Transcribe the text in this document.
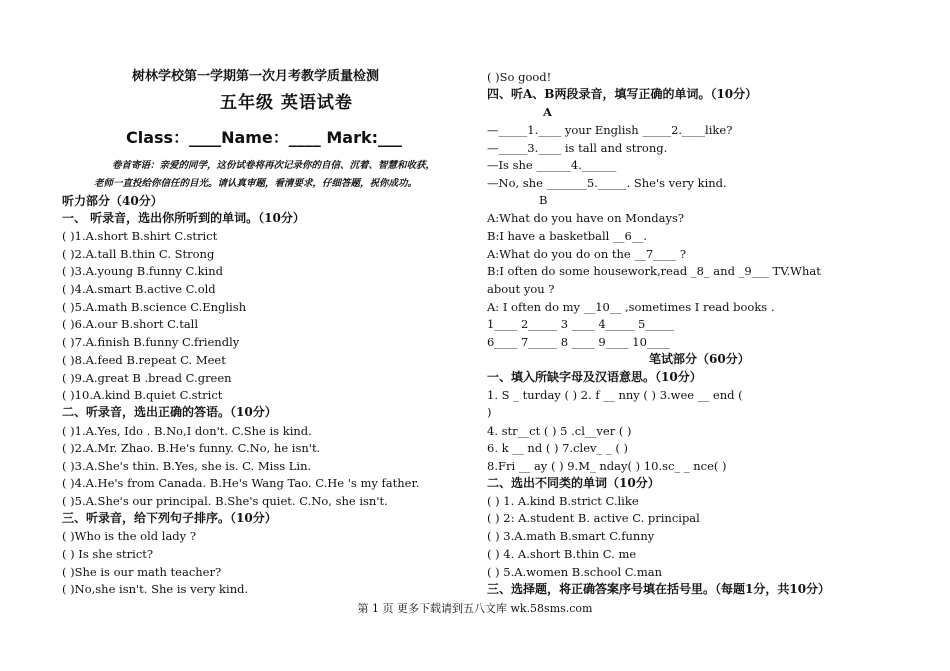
树林学校第一学期第一次月考教学质量检测
五年级 英语试卷
Class：____Name：____ Mark:___
卷首寄语：亲爱的同学，这份试卷将再次记录你的自信、沉着、智慧和收获，
老师一直投给你信任的目光。请认真审题，看清要求，仔细答题，祝你成功。
听力部分（40分）
一、 听录音，选出你所听到的单词。（10分）
( )1.A.short B.shirt C.strict
( )2.A.tall B.thin C. Strong
( )3.A.young B.funny C.kind
( )4.A.smart B.active C.old
( )5.A.math B.science C.English
( )6.A.our B.short C.tall
( )7.A.finish B.funny C.friendly
( )8.A.feed B.repeat C. Meet
( )9.A.great B .bread C.green
( )10.A.kind B.quiet C.strict
二、听录音，选出正确的答语。（10分）
( )1.A.Yes, Ido . B.No,I don't. C.She is kind.
( )2.A.Mr. Zhao. B.He's funny. C.No, he isn't.
( )3.A.She's thin. B.Yes, she is. C. Miss Lin.
( )4.A.He's from Canada. B.He's Wang Tao. C.He 's my father.
( )5.A.She's our principal. B.She's quiet. C.No, she isn't.
三、听录音，给下列句子排序。（10分）
( )Who is the old lady ?
( ) Is she strict?
( )She is our math teacher?
( )No,she isn't. She is very kind.
( )So good!
四、听A、B两段录音，填写正确的单词。（10分）
A
—_____1.____ your English _____2.____like?
—_____3.____ is tall and strong.
—Is she ______4.______
—No, she _______5._____. She's very kind.
B
A:What do you have on Mondays?
B:I have a basketball __6__.
A:What do you do on the __7____ ?
B:I often do some housework,read _8_ and _9___ TV.What
about you ?
A: I often do my __10__ ,sometimes I read books .
1____ 2_____ 3 ____ 4_____ 5_____
6____ 7_____ 8 ____ 9____ 10____
笔试部分（60分）
一、填入所缺字母及汉语意思。（10分）
1. S _ turday ( ) 2. f __ nny ( ) 3.wee __ end (
)
4. str__ct ( ) 5 .cl__ver ( )
6. k __ nd ( ) 7.clev_ _ ( )
8.Fri __ ay ( ) 9.M_ nday( ) 10.sc_ _ nce( )
二、选出不同类的单词（10分）
( ) 1. A.kind B.strict C.like
( ) 2: A.student B. active C. principal
( ) 3.A.math B.smart C.funny
( ) 4. A.short B.thin C. me
( ) 5.A.women B.school C.man
三、选择题，将正确答案序号填在括号里。（每题1分，共10分）
第 1 页 更多下载请到五八文库 wk.58sms.com
